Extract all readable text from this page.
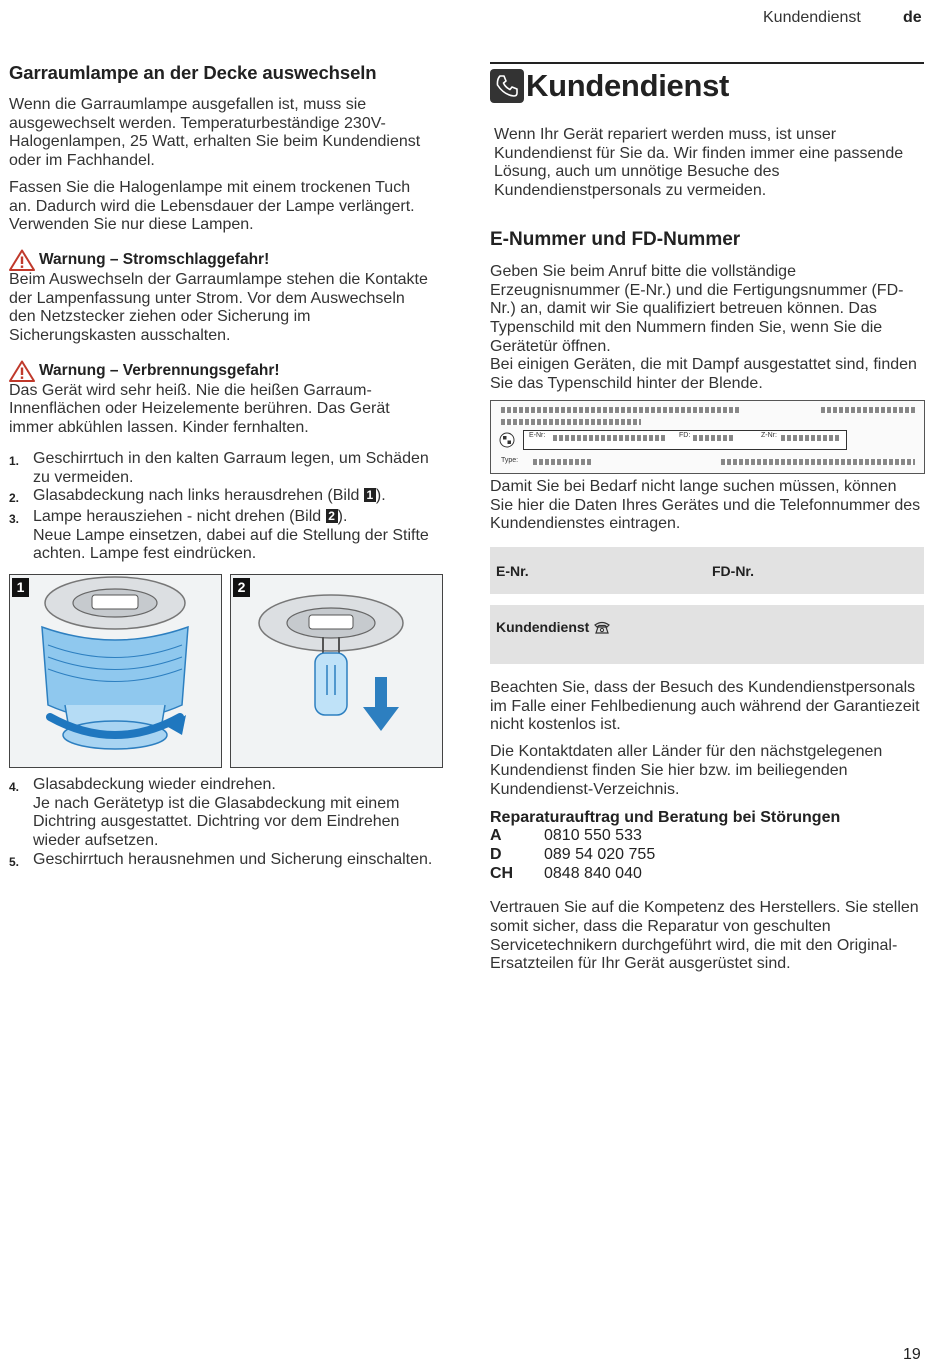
Kundendienst	de
Garraumlampe an der Decke auswechseln

Wenn die Garraumlampe ausgefallen ist, muss sie ausgewechselt werden. Temperaturbeständige 230V-Halogenlampen, 25 Watt, erhalten Sie beim Kundendienst oder im Fachhandel.

Fassen Sie die Halogenlampe mit einem trockenen Tuch an. Dadurch wird die Lebensdauer der Lampe verlängert. Verwenden Sie nur diese Lampen.

Warnung – Stromschlaggefahr!

Beim Auswechseln der Garraumlampe stehen die Kontakte der Lampenfassung unter Strom. Vor dem Auswechseln den Netzstecker ziehen oder Sicherung im Sicherungskasten ausschalten.

Warnung – Verbrennungsgefahr!

Das Gerät wird sehr heiß. Nie die heißen Garraum-Innenflächen oder Heizelemente berühren. Das Gerät immer abkühlen lassen. Kinder fernhalten.

1. Geschirrtuch in den kalten Garraum legen, um Schäden zu vermeiden.
2. Glasabdeckung nach links herausdrehen (Bild 1 ).
3. Lampe herausziehen - nicht drehen (Bild 2 ).
Neue Lampe einsetzen, dabei auf die Stellung der Stifte achten. Lampe fest eindrücken.
1	2
4. Glasabdeckung wieder eindrehen.
Je nach Gerätetyp ist die Glasabdeckung mit einem Dichtring ausgestattet. Dichtring vor dem Eindrehen wieder aufsetzen.
5. Geschirrtuch herausnehmen und Sicherung einschalten.
Kundendienst

Wenn Ihr Gerät repariert werden muss, ist unser Kundendienst für Sie da. Wir finden immer eine passende Lösung, auch um unnötige Besuche des Kundendienstpersonals zu vermeiden.

E-Nummer und FD-Nummer

Geben Sie beim Anruf bitte die vollständige Erzeugnisnummer (E-Nr.) und die Fertigungsnummer (FD-Nr.) an, damit wir Sie qualifiziert betreuen können. Das Typenschild mit den Nummern finden Sie, wenn Sie die Gerätetür öffnen.

Bei einigen Geräten, die mit Dampf ausgestattet sind, finden Sie das Typenschild hinter der Blende.

E-Nr:	FD:	Z-Nr:
Type:

Damit Sie bei Bedarf nicht lange suchen müssen, können Sie hier die Daten Ihres Gerätes und die Telefonnummer des Kundendienstes eintragen.

E-Nr.	FD-Nr.
Kundendienst

Beachten Sie, dass der Besuch des Kundendienstpersonals im Falle einer Fehlbedienung auch während der Garantiezeit nicht kostenlos ist.

Die Kontaktdaten aller Länder für den nächstgelegenen Kundendienst finden Sie hier bzw. im beiliegenden Kundendienst-Verzeichnis.

Reparaturauftrag und Beratung bei Störungen
A	0810 550 533
D	089 54 020 755
CH	0848 840 040

Vertrauen Sie auf die Kompetenz des Herstellers. Sie stellen somit sicher, dass die Reparatur von geschulten Servicetechnikern durchgeführt wird, die mit den Original-Ersatzteilen für Ihr Gerät ausgerüstet sind.

19
